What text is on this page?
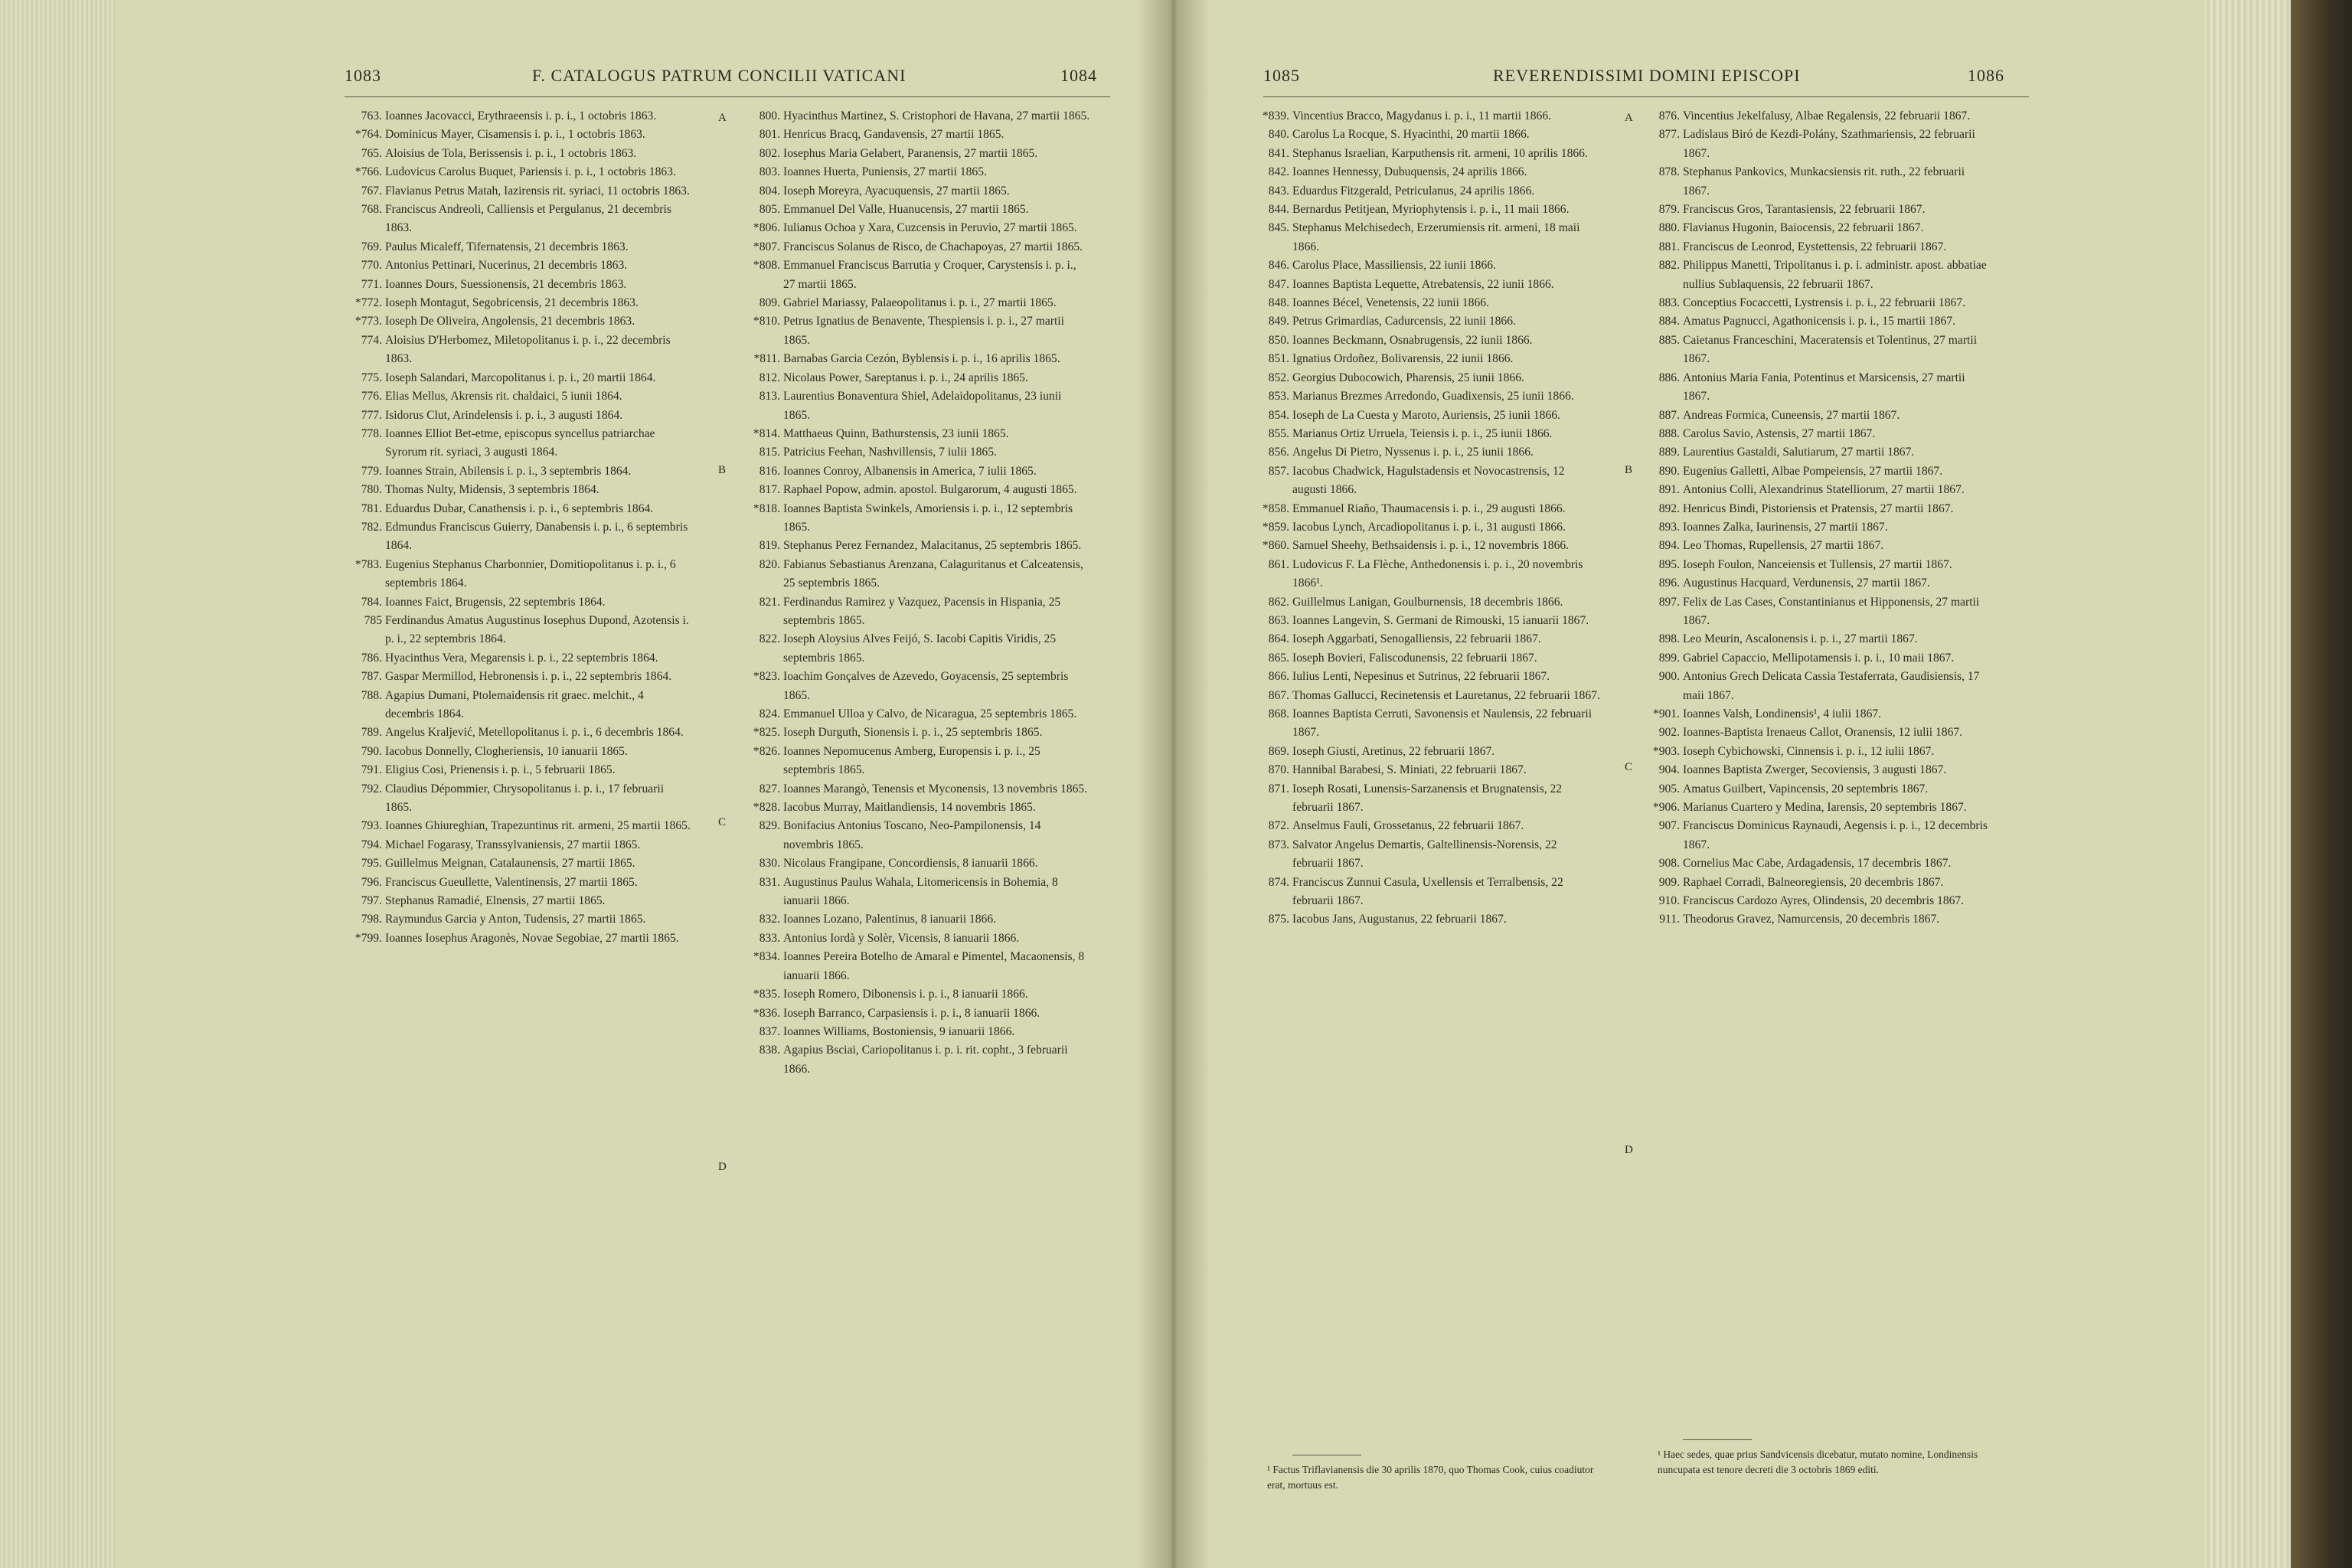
1083	F. CATALOGUS PATRUM CONCILII VATICANI	1084	1085	REVERENDISSIMI DOMINI EPISCOPI	1086
763. Ioannes Jacovacci, Erythraeensis i. p. i., 1 octobris 1863.
*764. Dominicus Mayer, Cisamensis i. p. i., 1 octobris 1863.
765. Aloisius de Tola, Berissensis i. p. i., 1 octobris 1863.
*766. Ludovicus Carolus Buquet, Pariensis i. p. i., 1 octobris 1863.
767. Flavianus Petrus Matah, Iazirensis rit. syriaci, 11 octobris 1863.
768. Franciscus Andreoli, Calliensis et Pergulanus, 21 decembris 1863.
769. Paulus Micaleff, Tifernatensis, 21 decembris 1863.
770. Antonius Pettinari, Nucerinus, 21 decembris 1863.
771. Ioannes Dours, Suessionensis, 21 decembris 1863.
*772. Ioseph Montagut, Segobricensis, 21 decembris 1863.
*773. Ioseph De Oliveira, Angolensis, 21 decembris 1863.
774. Aloisius D'Herbomez, Miletopolitanus i. p. i., 22 decembris 1863.
775. Ioseph Salandari, Marcopolitanus i. p. i., 20 martii 1864.
776. Elias Mellus, Akrensis rit. chaldaici, 5 iunii 1864.
777. Isidorus Clut, Arindelensis i. p. i., 3 augusti 1864.
778. Ioannes Elliot Bet-etme, episcopus syncellus patriarchae Syrorum rit. syriaci, 3 augusti 1864.
779. Ioannes Strain, Abilensis i. p. i., 3 septembris 1864.
780. Thomas Nulty, Midensis, 3 septembris 1864.
781. Eduardus Dubar, Canathensis i. p. i., 6 septembris 1864.
782. Edmundus Franciscus Guierry, Danabensis i. p. i., 6 septembris 1864.
*783. Eugenius Stephanus Charbonnier, Domitiopolitanus i. p. i., 6 septembris 1864.
784. Ioannes Faict, Brugensis, 22 septembris 1864.
785 Ferdinandus Amatus Augustinus Iosephus Dupond, Azotensis i. p. i., 22 septembris 1864.
786. Hyacinthus Vera, Megarensis i. p. i., 22 septembris 1864.
787. Gaspar Mermillod, Hebronensis i. p. i., 22 septembris 1864.
788. Agapius Dumani, Ptolemaidensis rit graec. melchit., 4 decembris 1864.
789. Angelus Kraljević, Metellopolitanus i. p. i., 6 decembris 1864.
790. Iacobus Donnelly, Clogheriensis, 10 ianuarii 1865.
791. Eligius Cosi, Prienensis i. p. i., 5 februarii 1865.
792. Claudius Dépommier, Chrysopolitanus i. p. i., 17 februarii 1865.
793. Ioannes Ghiureghian, Trapezuntinus rit. armeni, 25 martii 1865.
794. Michael Fogarasy, Transsylvaniensis, 27 martii 1865.
795. Guillelmus Meignan, Catalaunensis, 27 martii 1865.
796. Franciscus Gueullette, Valentinensis, 27 martii 1865.
797. Stephanus Ramadié, Elnensis, 27 martii 1865.
798. Raymundus Garcia y Anton, Tudensis, 27 martii 1865.
*799. Ioannes Iosephus Aragonès, Novae Segobiae, 27 martii 1865.
800. Hyacinthus Martinez, S. Cristophori de Havana, 27 martii 1865.
801. Henricus Bracq, Gandavensis, 27 martii 1865.
802. Iosephus Maria Gelabert, Paranensis, 27 martii 1865.
803. Ioannes Huerta, Puniensis, 27 martii 1865.
804. Ioseph Moreyra, Ayacuquensis, 27 martii 1865.
805. Emmanuel Del Valle, Huanucensis, 27 martii 1865.
*806. Iulianus Ochoa y Xara, Cuzcensis in Peruvio, 27 martii 1865.
*807. Franciscus Solanus de Risco, de Chachapoyas, 27 martii 1865.
*808. Emmanuel Franciscus Barrutia y Croquer, Carystensis i. p. i., 27 martii 1865.
809. Gabriel Mariassy, Palaeopolitanus i. p. i., 27 martii 1865.
*810. Petrus Ignatius de Benavente, Thespiensis i. p. i., 27 martii 1865.
*811. Barnabas Garcia Cezón, Byblensis i. p. i., 16 aprilis 1865.
812. Nicolaus Power, Sareptanus i. p. i., 24 aprilis 1865.
813. Laurentius Bonaventura Shiel, Adelaidopolitanus, 23 iunii 1865.
*814. Matthaeus Quinn, Bathurstensis, 23 iunii 1865.
815. Patricius Feehan, Nashvillensis, 7 iulii 1865.
816. Ioannes Conroy, Albanensis in America, 7 iulii 1865.
817. Raphael Popow, admin. apostol. Bulgarorum, 4 augusti 1865.
*818. Ioannes Baptista Swinkels, Amoriensis i. p. i., 12 septembris 1865.
819. Stephanus Perez Fernandez, Malacitanus, 25 septembris 1865.
820. Fabianus Sebastianus Arenzana, Calaguritanus et Calceatensis, 25 septembris 1865.
821. Ferdinandus Ramirez y Vazquez, Pacensis in Hispania, 25 septembris 1865.
822. Ioseph Aloysius Alves Feijó, S. Iacobi Capitis Viridis, 25 septembris 1865.
*823. Ioachim Gonçalves de Azevedo, Goyacensis, 25 septembris 1865.
824. Emmanuel Ulloa y Calvo, de Nicaragua, 25 septembris 1865.
*825. Ioseph Durguth, Sionensis i. p. i., 25 septembris 1865.
*826. Ioannes Nepomucenus Amberg, Europensis i. p. i., 25 septembris 1865.
827. Ioannes Marangò, Tenensis et Myconensis, 13 novembris 1865.
*828. Iacobus Murray, Maitlandiensis, 14 novembris 1865.
829. Bonifacius Antonius Toscano, Neo-Pampilonensis, 14 novembris 1865.
830. Nicolaus Frangipane, Concordiensis, 8 ianuarii 1866.
831. Augustinus Paulus Wahala, Litomericensis in Bohemia, 8 ianuarii 1866.
832. Ioannes Lozano, Palentinus, 8 ianuarii 1866.
833. Antonius Iordà y Solèr, Vicensis, 8 ianuarii 1866.
*834. Ioannes Pereira Botelho de Amaral e Pimentel, Macaonensis, 8 ianuarii 1866.
*835. Ioseph Romero, Dibonensis i. p. i., 8 ianuarii 1866.
*836. Ioseph Barranco, Carpasiensis i. p. i., 8 ianuarii 1866.
837. Ioannes Williams, Bostoniensis, 9 ianuarii 1866.
838. Agapius Bsciai, Cariopolitanus i. p. i. rit. copht., 3 februarii 1866.
*839. Vincentius Bracco, Magydanus i. p. i., 11 martii 1866.
840. Carolus La Rocque, S. Hyacinthi, 20 martii 1866.
841. Stephanus Israelian, Karputhensis rit. armeni, 10 aprilis 1866.
842. Ioannes Hennessy, Dubuquensis, 24 aprilis 1866.
843. Eduardus Fitzgerald, Petriculanus, 24 aprilis 1866.
844. Bernardus Petitjean, Myriophytensis i. p. i., 11 maii 1866.
845. Stephanus Melchisedech, Erzerumiensis rit. armeni, 18 maii 1866.
846. Carolus Place, Massiliensis, 22 iunii 1866.
847. Ioannes Baptista Lequette, Atrebatensis, 22 iunii 1866.
848. Ioannes Bécel, Venetensis, 22 iunii 1866.
849. Petrus Grimardias, Cadurcensis, 22 iunii 1866.
850. Ioannes Beckmann, Osnabrugensis, 22 iunii 1866.
851. Ignatius Ordoñez, Bolivarensis, 22 iunii 1866.
852. Georgius Dubocowich, Pharensis, 25 iunii 1866.
853. Marianus Brezmes Arredondo, Guadixensis, 25 iunii 1866.
854. Ioseph de La Cuesta y Maroto, Auriensis, 25 iunii 1866.
855. Marianus Ortiz Urruela, Teiensis i. p. i., 25 iunii 1866.
856. Angelus Di Pietro, Nyssenus i. p. i., 25 iunii 1866.
857. Iacobus Chadwick, Hagulstadensis et Novocastrensis, 12 augusti 1866.
*858. Emmanuel Riaño, Thaumacensis i. p. i., 29 augusti 1866.
*859. Iacobus Lynch, Arcadiopolitanus i. p. i., 31 augusti 1866.
*860. Samuel Sheehy, Bethsaidensis i. p. i., 12 novembris 1866.
861. Ludovicus F. La Flèche, Anthedonensis i. p. i., 20 novembris 1866¹.
862. Guillelmus Lanigan, Goulburnensis, 18 decembris 1866.
863. Ioannes Langevin, S. Germani de Rimouski, 15 ianuarii 1867.
864. Ioseph Aggarbati, Senogalliensis, 22 februarii 1867.
865. Ioseph Bovieri, Faliscodunensis, 22 februarii 1867.
866. Iulius Lenti, Nepesinus et Sutrinus, 22 februarii 1867.
867. Thomas Gallucci, Recinetensis et Lauretanus, 22 februarii 1867.
868. Ioannes Baptista Cerruti, Savonensis et Naulensis, 22 februarii 1867.
869. Ioseph Giusti, Aretinus, 22 februarii 1867.
870. Hannibal Barabesi, S. Miniati, 22 februarii 1867.
871. Ioseph Rosati, Lunensis-Sarzanensis et Brugnatensis, 22 februarii 1867.
872. Anselmus Fauli, Grossetanus, 22 februarii 1867.
873. Salvator Angelus Demartis, Galtellinensis-Norensis, 22 februarii 1867.
874. Franciscus Zunnui Casula, Uxellensis et Terralbensis, 22 februarii 1867.
875. Iacobus Jans, Augustanus, 22 februarii 1867.
876. Vincentius Jekelfalusy, Albae Regalensis, 22 februarii 1867.
877. Ladislaus Biró de Kezdi-Polány, Szathmariensis, 22 februarii 1867.
878. Stephanus Pankovics, Munkacsiensis rit. ruth., 22 februarii 1867.
879. Franciscus Gros, Tarantasiensis, 22 februarii 1867.
880. Flavianus Hugonin, Baiocensis, 22 februarii 1867.
881. Franciscus de Leonrod, Eystettensis, 22 februarii 1867.
882. Philippus Manetti, Tripolitanus i. p. i. administr. apost. abbatiae nullius Sublaquensis, 22 februarii 1867.
883. Conceptius Focaccetti, Lystrensis i. p. i., 22 februarii 1867.
884. Amatus Pagnucci, Agathonicensis i. p. i., 15 martii 1867.
885. Caietanus Franceschini, Maceratensis et Tolentinus, 27 martii 1867.
886. Antonius Maria Fania, Potentinus et Marsicensis, 27 martii 1867.
887. Andreas Formica, Cuneensis, 27 martii 1867.
888. Carolus Savio, Astensis, 27 martii 1867.
889. Laurentius Gastaldi, Salutiarum, 27 martii 1867.
890. Eugenius Galletti, Albae Pompeiensis, 27 martii 1867.
891. Antonius Colli, Alexandrinus Statelliorum, 27 martii 1867.
892. Henricus Bindi, Pistoriensis et Pratensis, 27 martii 1867.
893. Ioannes Zalka, Iaurinensis, 27 martii 1867.
894. Leo Thomas, Rupellensis, 27 martii 1867.
895. Ioseph Foulon, Nanceiensis et Tullensis, 27 martii 1867.
896. Augustinus Hacquard, Verdunensis, 27 martii 1867.
897. Felix de Las Cases, Constantinianus et Hipponensis, 27 martii 1867.
898. Leo Meurin, Ascalonensis i. p. i., 27 martii 1867.
899. Gabriel Capaccio, Mellipotamensis i. p. i., 10 maii 1867.
900. Antonius Grech Delicata Cassia Testaferrata, Gaudisiensis, 17 maii 1867.
*901. Ioannes Valsh, Londinensis¹, 4 iulii 1867.
902. Ioannes-Baptista Irenaeus Callot, Oranensis, 12 iulii 1867.
*903. Ioseph Cybichowski, Cinnensis i. p. i., 12 iulii 1867.
904. Ioannes Baptista Zwerger, Secoviensis, 3 augusti 1867.
905. Amatus Guilbert, Vapincensis, 20 septembris 1867.
*906. Marianus Cuartero y Medina, Iarensis, 20 septembris 1867.
907. Franciscus Dominicus Raynaudi, Aegensis i. p. i., 12 decembris 1867.
908. Cornelius Mac Cabe, Ardagadensis, 17 decembris 1867.
909. Raphael Corradi, Balneoregiensis, 20 decembris 1867.
910. Franciscus Cardozo Ayres, Olindensis, 20 decembris 1867.
911. Theodorus Gravez, Namurcensis, 20 decembris 1867.
A
B
C
D
A
B
C
D
¹ Factus Triflavianensis die 30 aprilis 1870, quo Thomas Cook, cuius coadiutor erat, mortuus est.
¹ Haec sedes, quae prius Sandvicensis dicebatur, mutato nomine, Londinensis nuncupata est tenore decreti die 3 octobris 1869 editi.
